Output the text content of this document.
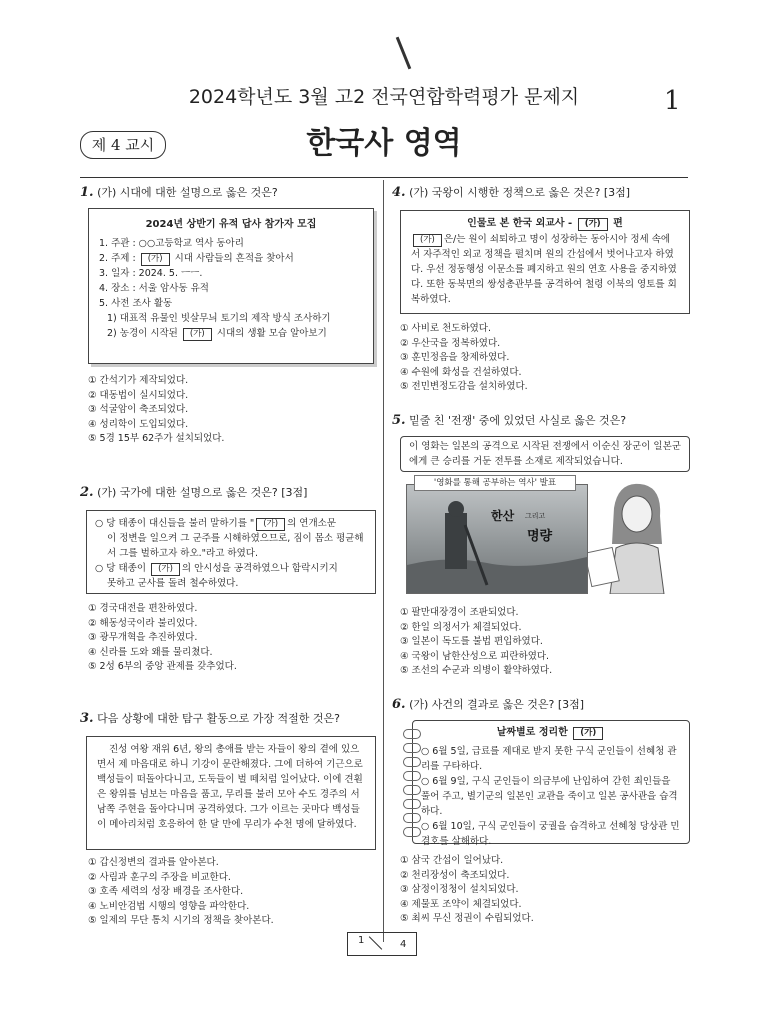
2024학년도 3월 고2 전국연합학력평가 문제지	1
제 4 교시	한국사 영역
1. (가) 시대에 대한 설명으로 옳은 것은?
2024년 상반기 유적 답사 참가자 모집
1. 주관 : ○○고등학교 역사 동아리
2. 주제 : (가) 시대 사람들의 흔적을 찾아서
3. 일자 : 2024. 5. ㅡㅡ.
4. 장소 : 서울 암사동 유적
5. 사전 조사 활동
1) 대표적 유물인 빗살무늬 토기의 제작 방식 조사하기
2) 농경이 시작된 (가) 시대의 생활 모습 알아보기
① 간석기가 제작되었다.
② 대동법이 실시되었다.
③ 석굴암이 축조되었다.
④ 성리학이 도입되었다.
⑤ 5경 15부 62주가 설치되었다.
2. (가) 국가에 대한 설명으로 옳은 것은? [3점]
○ 당 태종이 대신들을 불러 말하기를 " (가) 의 연개소문
이 정변을 일으켜 그 군주를 시해하였으므로, 짐이 몸소 평균해서 그를 벌하고자 하오."라고 하였다.
○ 당 태종이 (가) 의 안시성을 공격하였으나 함락시키지
못하고 군사를 돌려 철수하였다.
① 경국대전을 편찬하였다.
② 해동성국이라 불리었다.
③ 광무개혁을 추진하였다.
④ 신라를 도와 왜를 물리쳤다.
⑤ 2성 6부의 중앙 관제를 갖추었다.
3. 다음 상황에 대한 탐구 활동으로 가장 적절한 것은?
진성 여왕 재위 6년, 왕의 총애를 받는 자들이 왕의 곁에 있으면서 제 마음대로 하니 기강이 문란해졌다. 그에 더하여 기근으로 백성들이 떠돌아다니고, 도둑들이 벌 떼처럼 일어났다. 이에 견훤은 왕위를 넘보는 마음을 품고, 무리를 불러 모아 수도 경주의 서남쪽 주현을 돌아다니며 공격하였다. 그가 이르는 곳마다 백성들이 메아리처럼 호응하여 한 달 만에 무리가 수천 명에 달하였다.
① 갑신정변의 결과를 알아본다.
② 사림과 훈구의 주장을 비교한다.
③ 호족 세력의 성장 배경을 조사한다.
④ 노비안검법 시행의 영향을 파악한다.
⑤ 일제의 무단 통치 시기의 정책을 찾아본다.
4. (가) 국왕이 시행한 정책으로 옳은 것은? [3점]
인물로 본 한국 외교사 - (가) 편
(가) 은/는 원이 쇠퇴하고 명이 성장하는 동아시아 정세 속에서 자주적인 외교 정책을 펼치며 원의 간섭에서 벗어나고자 하였다. 우선 정동행성 이문소를 폐지하고 원의 연호 사용을 중지하였다. 또한 동북면의 쌍성총관부를 공격하여 철령 이북의 영토를 회복하였다.
① 사비로 천도하였다.
② 우산국을 정복하였다.
③ 훈민정음을 창제하였다.
④ 수원에 화성을 건설하였다.
⑤ 전민변정도감을 설치하였다.
5. 밑줄 친 '전쟁' 중에 있었던 사실로 옳은 것은?
이 영화는 일본의 공격으로 시작된 전쟁에서 이순신 장군이 일본군에게 큰 승리를 거둔 전투를 소재로 제작되었습니다.
한산 그리고
명량
'영화를 통해 공부하는 역사' 발표
① 팔만대장경이 조판되었다.
② 한일 의정서가 체결되었다.
③ 일본이 독도를 불법 편입하였다.
④ 국왕이 남한산성으로 피란하였다.
⑤ 조선의 수군과 의병이 활약하였다.
6. (가) 사건의 결과로 옳은 것은? [3점]
날짜별로 정리한 (가)
○ 6월 5일, 급료를 제대로 받지 못한 구식 군인들이 선혜청 관리를 구타하다.
○ 6월 9일, 구식 군인들이 의금부에 난입하여 갇힌 죄인들을 풀어 주고, 별기군의 일본인 교관을 죽이고 일본 공사관을 습격하다.
○ 6월 10일, 구식 군인들이 궁궐을 습격하고 선혜청 당상관 민겸호를 살해하다.
① 삼국 간섭이 일어났다.
② 천리장성이 축조되었다.
③ 삼정이정청이 설치되었다.
④ 제물포 조약이 체결되었다.
⑤ 최씨 무신 정권이 수립되었다.
1	4
